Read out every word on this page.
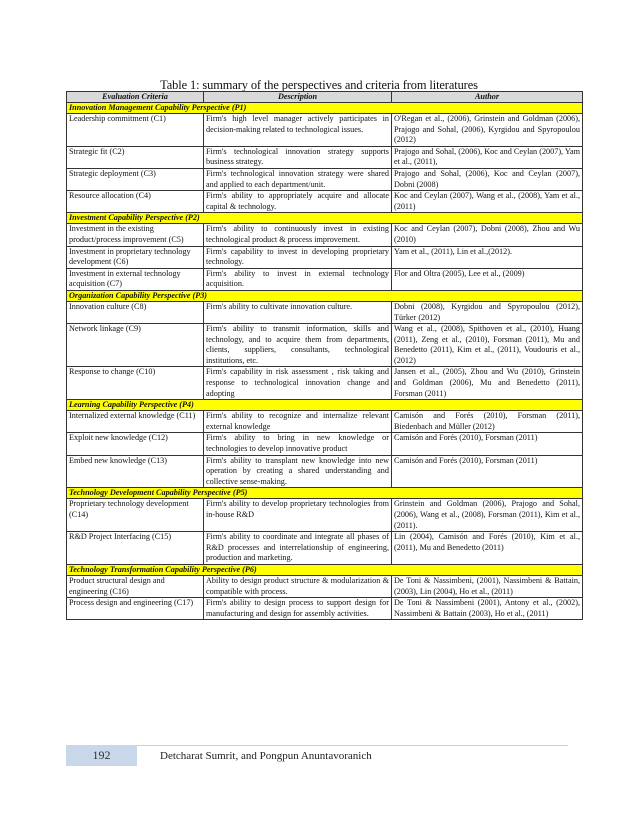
Table 1: summary of the perspectives and criteria from literatures
Evaluation Criteria	Description	Author
Innovation Management Capability Perspective (P1)		
Leadership commitment (C1)	Firm's high level manager actively participates in decision-making related to technological issues.	O'Regan et al., (2006), Grinstein and Goldman (2006), Prajogo and Sohal, (2006), Kyrgidou and Spyropoulou (2012)
Strategic fit (C2)	Firm's technological innovation strategy supports business strategy.	Prajogo and Sohal, (2006), Koc and Ceylan (2007), Yam et al., (2011),
Strategic deployment (C3)	Firm's technological innovation strategy were shared and applied to each department/unit.	Prajogo and Sohal, (2006), Koc and Ceylan (2007), Dobni (2008)
Resource allocation (C4)	Firm's ability to appropriately acquire and allocate capital & technology.	Koc and Ceylan (2007), Wang et al., (2008), Yam et al., (2011)
Investment Capability Perspective (P2)		
Investment in the existing product/process improvement (C5)	Firm's ability to continuously invest in existing technological product & process improvement.	Koc and Ceylan (2007), Dobni (2008), Zhou and Wu (2010)
Investment in proprietary technology development (C6)	Firm's capability to invest in developing proprietary technology.	Yam et al., (2011), Lin et al.,(2012).
Investment in external technology acquisition (C7)	Firm's ability to invest in external technology acquisition.	Flor and Oltra (2005), Lee et al., (2009)
Organization Capability Perspective (P3)		
Innovation culture (C8)	Firm's ability to cultivate innovation culture.	Dobni (2008), Kyrgidou and Spyropoulou (2012), Türker (2012)
Network linkage (C9)	Firm's ability to transmit information, skills and technology, and to acquire them from departments, clients, suppliers, consultants, technological institutions, etc.	Wang et al., (2008), Spithoven et al., (2010), Huang (2011), Zeng et al., (2010), Forsman (2011), Mu and Benedetto (2011), Kim et al., (2011), Voudouris et al., (2012)
Response to change (C10)	Firm's capability in risk assessment , risk taking and response to technological innovation change and adopting	Jansen et al., (2005), Zhou and Wu (2010), Grinstein and Goldman (2006), Mu and Benedetto (2011), Forsman (2011)
Learning Capability Perspective (P4)		
Internalized external knowledge (C11)	Firm's ability to recognize and internalize relevant external knowledge	Camisón and Forés (2010), Forsman (2011), Biedenbach and Müller (2012)
Exploit new knowledge (C12)	Firm's ability to bring in new knowledge or technologies to develop innovative product	Camisón and Forés (2010), Forsman (2011)
Embed new knowledge (C13)	Firm's ability to transplant new knowledge into new operation by creating a shared understanding and collective sense-making.	Camisón and Forés (2010), Forsman (2011)
Technology Development Capability Perspective (P5)		
Proprietary technology development (C14)	Firm's ability to develop proprietary technologies from in-house R&D	Grinstein and Goldman (2006), Prajogo and Sohal, (2006), Wang et al., (2008), Forsman (2011), Kim et al., (2011).
R&D Project Interfacing (C15)	Firm's ability to coordinate and integrate all phases of R&D processes and interrelationship of engineering, production and marketing.	Lin (2004), Camisón and Forés (2010), Kim et al., (2011), Mu and Benedetto (2011)
Technology Transformation Capability Perspective (P6)		
Product structural design and engineering (C16)	Ability to design product structure & modularization & compatible with process.	De Toni & Nassimbeni, (2001), Nassimbeni & Battain, (2003), Lin (2004), Ho et al., (2011)
Process design and engineering (C17)	Firm's ability to design process to support design for manufacturing and design for assembly activities.	De Toni & Nassimbeni (2001), Antony et al., (2002), Nassimbeni & Battain (2003), Ho et al., (2011)
192	Detcharat Sumrit, and Pongpun Anuntavoranich
